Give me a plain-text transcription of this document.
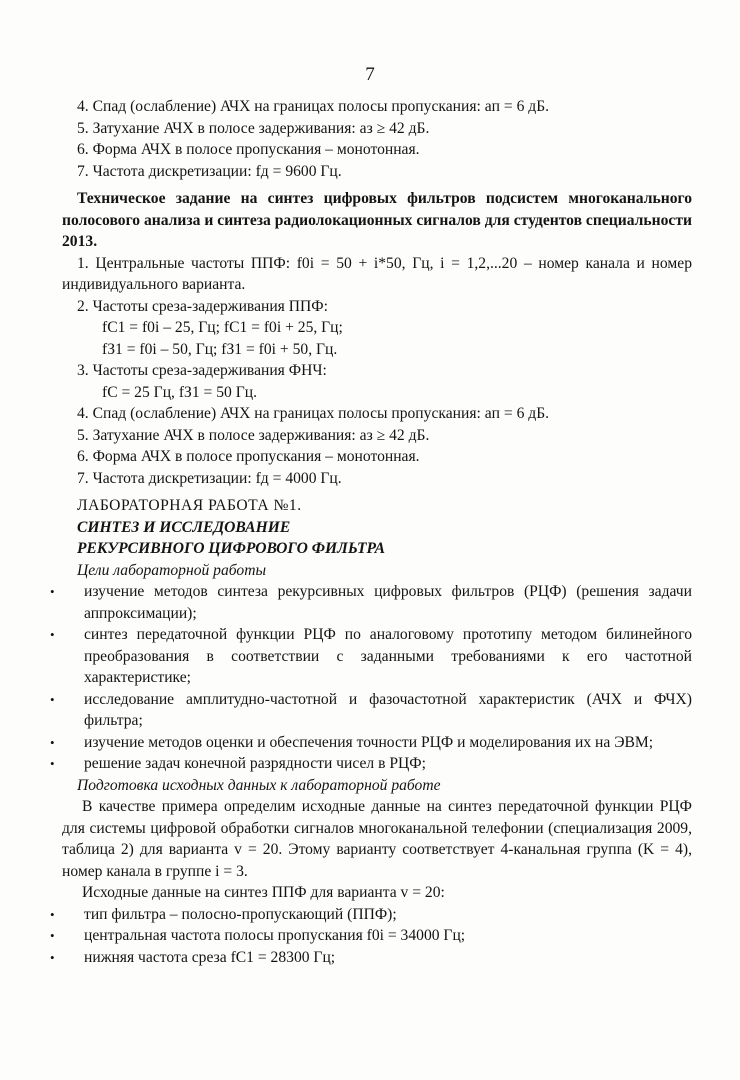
7

4. Спад (ослабление) АЧХ на границах полосы пропускания: aп = 6 дБ.

5. Затухание АЧХ в полосе задерживания: aз ≥ 42 дБ.

6. Форма АЧХ в полосе пропускания – монотонная.

7. Частота дискретизации: fд = 9600 Гц.

Техническое задание на синтез цифровых фильтров подсистем многоканального полосового анализа и синтеза радиолокационных сигналов для студентов специальности 2013.

1. Центральные частоты ППФ: f0i = 50 + i*50, Гц, i = 1,2,...20 – номер канала и номер индивидуального варианта.

2. Частоты среза-задерживания ППФ:

fC1 = f0i – 25, Гц; fC1 = f0i + 25, Гц;

fЗ1 = f0i – 50, Гц; fЗ1 = f0i + 50, Гц.

3. Частоты среза-задерживания ФНЧ:

fC = 25 Гц, fЗ1 = 50 Гц.

4. Спад (ослабление) АЧХ на границах полосы пропускания: aп = 6 дБ.

5. Затухание АЧХ в полосе задерживания: aз ≥ 42 дБ.

6. Форма АЧХ в полосе пропускания – монотонная.

7. Частота дискретизации: fд = 4000 Гц.

ЛАБОРАТОРНАЯ РАБОТА №1.

СИНТЕЗ И ИССЛЕДОВАНИЕ

РЕКУРСИВНОГО ЦИФРОВОГО ФИЛЬТРА

Цели лабораторной работы

• изучение методов синтеза рекурсивных цифровых фильтров (РЦФ) (решения задачи аппроксимации);
• синтез передаточной функции РЦФ по аналоговому прототипу методом билинейного преобразования в соответствии с заданными требованиями к его частотной характеристике;
• исследование амплитудно-частотной и фазочастотной характеристик (АЧХ и ФЧХ) фильтра;
• изучение методов оценки и обеспечения точности РЦФ и моделирования их на ЭВМ;
• решение задач конечной разрядности чисел в РЦФ;

Подготовка исходных данных к лабораторной работе

В качестве примера определим исходные данные на синтез передаточной функции РЦФ для системы цифровой обработки сигналов многоканальной телефонии (специализация 2009, таблица 2) для варианта v = 20. Этому варианту соответствует 4-канальная группа (K = 4), номер канала в группе i = 3.

Исходные данные на синтез ППФ для варианта v = 20:

• тип фильтра – полосно-пропускающий (ППФ);
• центральная частота полосы пропускания f0i = 34000 Гц;
• нижняя частота среза fC1 = 28300 Гц;
